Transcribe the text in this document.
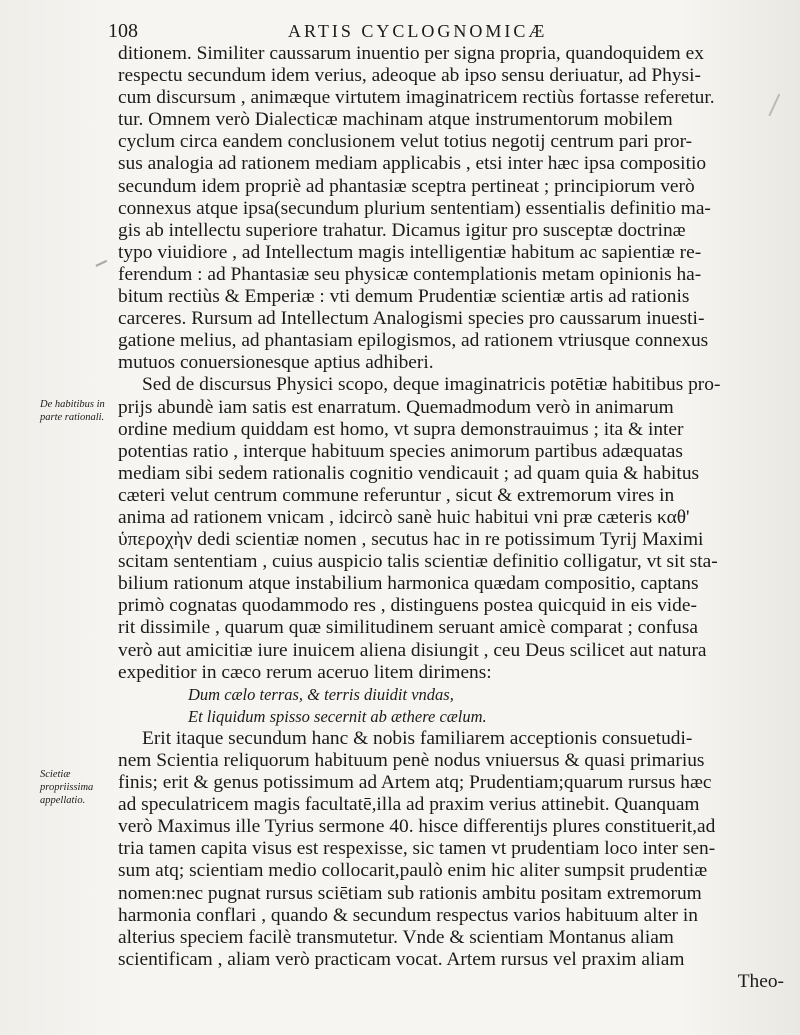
108	ARTIS CYCLOGNOMICÆ
De habitibus in parte rationali.
Scietiæ propriissima appellatio.
ditionem. Similiter caussarum inuentio per signa propria, quandoquidem ex
respectu secundum idem verius, adeoque ab ipso sensu deriuatur, ad Physi-
cum discursum , animæque virtutem imaginatricem rectiùs fortasse referetur.
tur. Omnem verò Dialecticæ machinam atque instrumentorum mobilem
cyclum circa eandem conclusionem velut totius negotij centrum pari pror-
sus analogia ad rationem mediam applicabis , etsi inter hæc ipsa compositio
secundum idem propriè ad phantasiæ sceptra pertineat ; principiorum verò
connexus atque ipsa(secundum plurium sententiam) essentialis definitio ma-
gis ab intellectu superiore trahatur. Dicamus igitur pro susceptæ doctrinæ
typo viuidiore , ad Intellectum magis intelligentiæ habitum ac sapientiæ re-
ferendum : ad Phantasiæ seu physicæ contemplationis metam opinionis ha-
bitum rectiùs & Emperiæ : vti demum Prudentiæ scientiæ artis ad rationis
carceres. Rursum ad Intellectum Analogismi species pro caussarum inuesti-
gatione melius, ad phantasiam epilogismos, ad rationem vtriusque connexus
mutuos conuersionesque aptius adhiberi.
Sed de discursus Physici scopo, deque imaginatricis potētiæ habitibus pro-
prijs abundè iam satis est enarratum. Quemadmodum verò in animarum
ordine medium quiddam est homo, vt supra demonstrauimus ; ita & inter
potentias ratio , interque habituum species animorum partibus adæquatas
mediam sibi sedem rationalis cognitio vendicauit ; ad quam quia & habitus
cæteri velut centrum commune referuntur , sicut & extremorum vires in
anima ad rationem vnicam , idcircò sanè huic habitui vni præ cæteris καθ'
ὑπεροχὴν dedi scientiæ nomen , secutus hac in re potissimum Tyrij Maximi
scitam sententiam , cuius auspicio talis scientiæ definitio colligatur, vt sit sta-
bilium rationum atque instabilium harmonica quædam compositio, captans
primò cognatas quodammodo res , distinguens postea quicquid in eis vide-
rit dissimile , quarum quæ similitudinem seruant amicè comparat ; confusa
verò aut amicitiæ iure inuicem aliena disiungit , ceu Deus scilicet aut natura
expeditior in cæco rerum aceruo litem dirimens:
Dum cælo terras, & terris diuidit vndas,
Et liquidum spisso secernit ab æthere cælum.
Erit itaque secundum hanc & nobis familiarem acceptionis consuetudi-
nem Scientia reliquorum habituum penè nodus vniuersus & quasi primarius
finis; erit & genus potissimum ad Artem atq; Prudentiam;quarum rursus hæc
ad speculatricem magis facultatē,illa ad praxim verius attinebit. Quanquam
verò Maximus ille Tyrius sermone 40. hisce differentijs plures constituerit,ad
tria tamen capita visus est respexisse, sic tamen vt prudentiam loco inter sen-
sum atq; scientiam medio collocarit,paulò enim hic aliter sumpsit prudentiæ
nomen:nec pugnat rursus sciētiam sub rationis ambitu positam extremorum
harmonia conflari , quando & secundum respectus varios habituum alter in
alterius speciem facilè transmutetur. Vnde & scientiam Montanus aliam
scientificam , aliam verò practicam vocat. Artem rursus vel praxim aliam
Theo-
